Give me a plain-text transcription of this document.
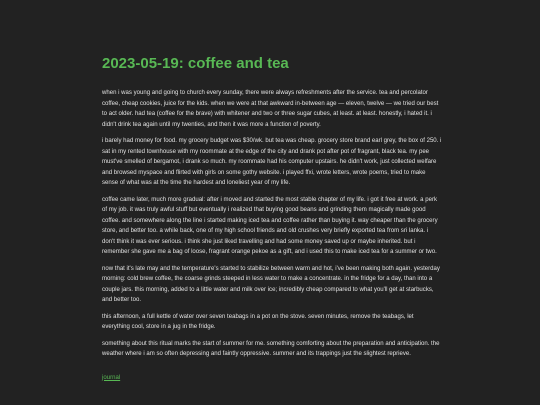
2023-05-19: coffee and tea

when i was young and going to church every sunday, there were always refreshments after the service. tea and percolator coffee, cheap cookies, juice for the kids. when we were at that awkward in-between age — eleven, twelve — we tried our best to act older. had tea (coffee for the brave) with whitener and two or three sugar cubes, at least. at least. honestly, i hated it. i didn't drink tea again until my twenties, and then it was more a function of poverty.

i barely had money for food. my grocery budget was $30/wk. but tea was cheap. grocery store brand earl grey, the box of 250. i sat in my rented townhouse with my roommate at the edge of the city and drank pot after pot of fragrant, black tea. my pee must've smelled of bergamot, i drank so much. my roommate had his computer upstairs. he didn't work, just collected welfare and browsed myspace and flirted with girls on some gothy website. i played ffxi, wrote letters, wrote poems, tried to make sense of what was at the time the hardest and loneliest year of my life.

coffee came later, much more gradual: after i moved and started the most stable chapter of my life. i got it free at work. a perk of my job. it was truly awful stuff but eventually i realized that buying good beans and grinding them magically made good coffee. and somewhere along the line i started making iced tea and coffee rather than buying it. way cheaper than the grocery store, and better too. a while back, one of my high school friends and old crushes very briefly exported tea from sri lanka. i don't think it was ever serious. i think she just liked travelling and had some money saved up or maybe inherited. but i remember she gave me a bag of loose, fragrant orange pekoe as a gift, and i used this to make iced tea for a summer or two.

now that it's late may and the temperature's started to stabilize between warm and hot, i've been making both again. yesterday morning: cold brew coffee, the coarse grinds steeped in less water to make a concentrate. in the fridge for a day, than into a couple jars. this morning, added to a little water and milk over ice; incredibly cheap compared to what you'll get at starbucks, and better too.

this afternoon, a full kettle of water over seven teabags in a pot on the stove. seven minutes, remove the teabags, let everything cool, store in a jug in the fridge.

something about this ritual marks the start of summer for me. something comforting about the preparation and anticipation. the weather where i am so often depressing and faintly oppressive. summer and its trappings just the slightest reprieve.

journal
